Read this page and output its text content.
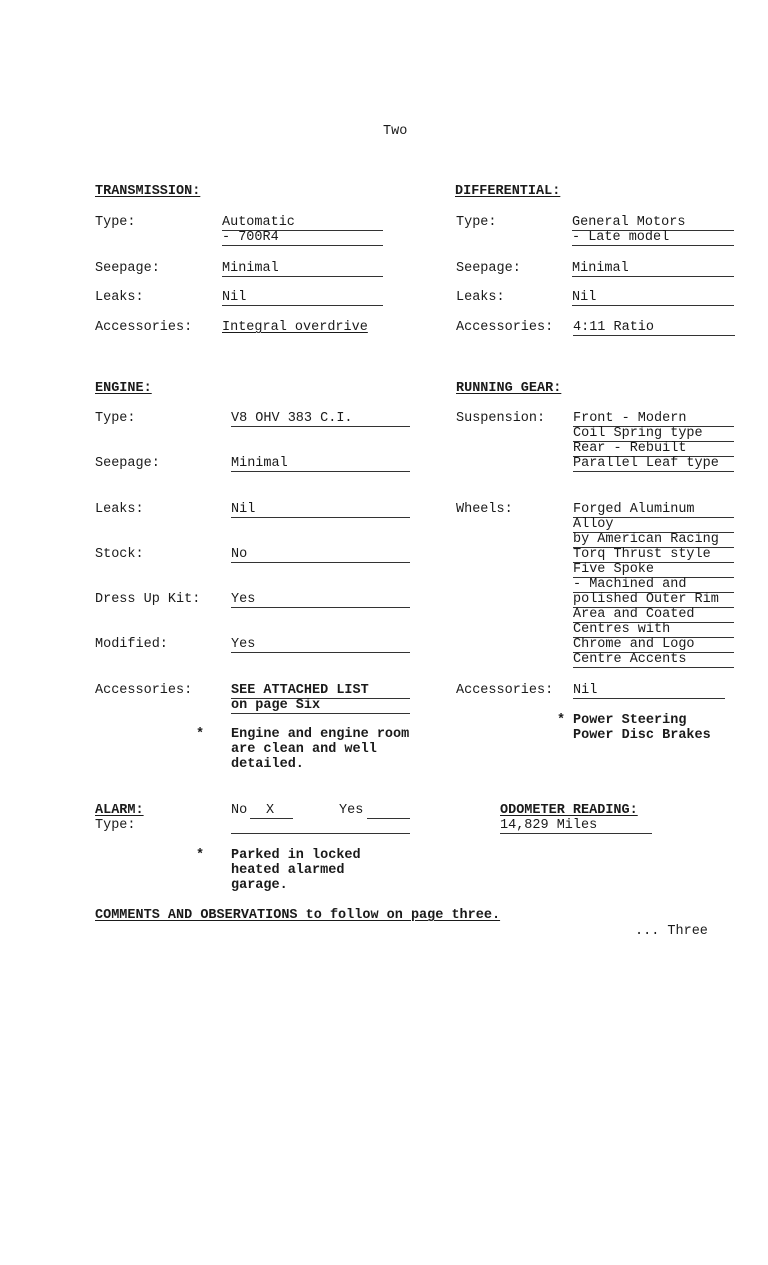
Two
TRANSMISSION:
Type:	Automatic
- 700R4
Seepage:	Minimal
Leaks:	Nil
Accessories: Integral overdrive
DIFFERENTIAL:
Type:	General Motors
- Late model
Seepage:	Minimal
Leaks:	Nil
Accessories: 4:11 Ratio
ENGINE:
Type:	V8 OHV 383 C.I.
Seepage:	Minimal
Leaks:	Nil
Stock:	No
Dress Up Kit: Yes
Modified:	Yes
Accessories:	SEE ATTACHED LIST
on page Six
* Engine and engine room
are clean and well
detailed.
RUNNING GEAR:
Suspension: Front - Modern
Coil Spring type
Rear - Rebuilt
Parallel Leaf type
Wheels:	Forged Aluminum
Alloy
by American Racing
Torq Thrust style
Five Spoke
- Machined and
polished Outer Rim
Area and Coated
Centres with
Chrome and Logo
Centre Accents
Accessories: Nil
* Power Steering
Power Disc Brakes
ALARM:
Type:
No X	Yes
* Parked in locked
heated alarmed
garage.
ODOMETER READING:
14,829 Miles
COMMENTS AND OBSERVATIONS to follow on page three.
... Three
